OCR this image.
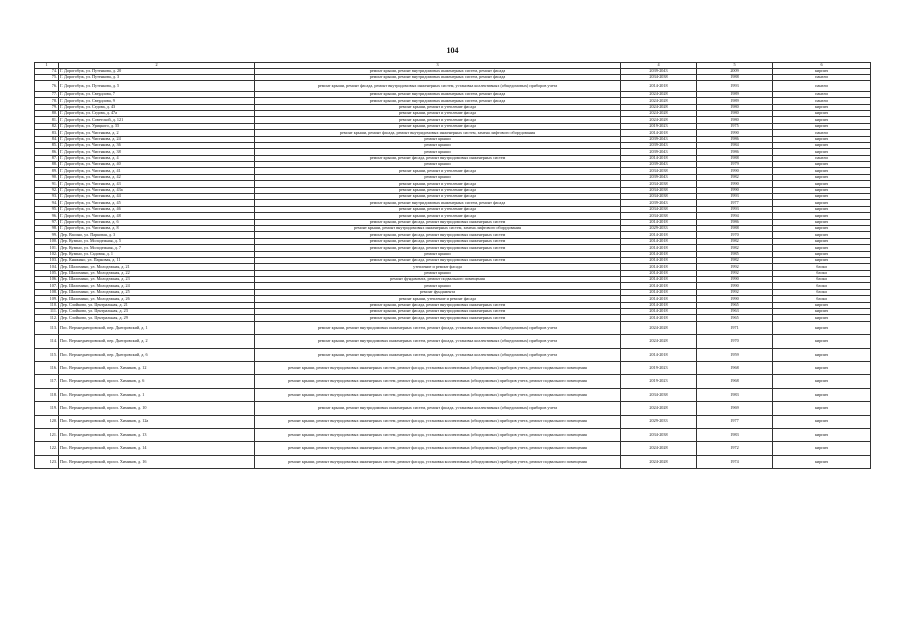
104
1	2	3	4	5	6
74.	Г. Дорогобуж, ул. Путенкова, д. 20	ремонт крыши, ремонт внутридомовых инженерных систем, ремонт фасада	2039-2043	2009	кирпич
75.	Г. Дорогобуж, ул. Путенкова, д. 3	ремонт крыши, ремонт внутридомовых инженерных систем, ремонт фасада	2034-2038	1988	панели
76.	Г. Дорогобуж, ул. Путенкова, д. 5	ремонт крыши, ремонт фасада, ремонт внутридомовых инженерных систем, установка коллективных (общедомовых) приборов учета	2014-2018	1993	панели
77.	Г. Дорогобуж, ул. Свердлова, 7	ремонт крыши, ремонт внутридомовых инженерных систем, ремонт фасада	2024-2028	1989	панели
78.	Г. Дорогобуж, ул. Свердлова, 9	ремонт крыши, ремонт внутридомовых инженерных систем, ремонт фасада	2024-2028	1989	панели
79.	Г. Дорогобуж, ул. Седова, д. 43	ремонт крыши, ремонт и утепление фасада	2024-2028	1980	кирпич
80.	Г. Дорогобуж, ул. Седова, д. 47а	ремонт крыши, ремонт и утепление фасада	2024-2028	1980	кирпич
81.	Г. Дорогобуж, ул. Советской, д. 121	ремонт крыши, ремонт и утепление фасада	2024-2028	1980	кирпич
82.	Г. Дорогобуж, ул. Урицкого, д. 55	ремонт крыши, ремонт и утепление фасада	2019-2023	1975	кирпич
83.	Г. Дорогобуж, ул. Чистякова, д. 2	ремонт крыши, ремонт фасада, ремонт внутридомовых инженерных систем, замена лифтового оборудования	2014-2018	1990	панели
84.	Г. Дорогобуж, ул. Чистякова, д. 24	ремонт крыши	2039-2043	1986	кирпич
85.	Г. Дорогобуж, ул. Чистякова, д. 36	ремонт крыши	2039-2043	1984	кирпич
86.	Г. Дорогобуж, ул. Чистякова, д. 38	ремонт крыши	2039-2043	1986	кирпич
87.	Г. Дорогобуж, ул. Чистякова, д. 4	ремонт крыши, ремонт фасада, ремонт внутридомовых инженерных систем	2014-2018	1988	панели
88.	Г. Дорогобуж, ул. Чистякова, д. 40	ремонт крыши	2039-2043	1979	кирпич
89.	Г. Дорогобуж, ул. Чистякова, д. 41	ремонт крыши, ремонт и утепление фасада	2034-2038	1990	кирпич
90.	Г. Дорогобуж, ул. Чистякова, д. 42	ремонт крыши	2039-2043	1982	кирпич
91.	Г. Дорогобуж, ул. Чистякова, д. 43	ремонт крыши, ремонт и утепление фасада	2034-2038	1990	кирпич
92.	Г. Дорогобуж, ул. Чистякова, д. 43а	ремонт крыши, ремонт и утепление фасада	2034-2038	1990	кирпич
93.	Г. Дорогобуж, ул. Чистякова, д. 44	ремонт крыши, ремонт и утепление фасада	2034-2038	1993	кирпич
94.	Г. Дорогобуж, ул. Чистякова, д. 45	ремонт крыши, ремонт внутридомовых инженерных систем, ремонт фасада	2039-2043	1977	кирпич
95.	Г. Дорогобуж, ул. Чистякова, д. 46	ремонт крыши, ремонт и утепление фасада	2034-2038	1993	кирпич
96.	Г. Дорогобуж, ул. Чистякова, д. 48	ремонт крыши, ремонт и утепление фасада	2034-2038	1994	кирпич
97.	Г. Дорогобуж, ул. Чистякова, д. 6	ремонт крыши, ремонт фасада, ремонт внутридомовых инженерных систем	2014-2018	1986	кирпич
98.	Г. Дорогобуж, ул. Чистякова, д. 8	ремонт крыши, ремонт внутридомовых инженерных систем, замена лифтового оборудования	2029-2033	1988	кирпич
99.	Дер. Васино, ул. Парковая, д. 3	ремонт крыши, ремонт фасада, ремонт внутридомовых инженерных систем	2014-2018	1970	кирпич
100.	Дер. Кузино, ул. Молодежная, д. 5	ремонт крыши, ремонт фасада, ремонт внутридомовых инженерных систем	2014-2018	1982	кирпич
101.	Дер. Кузино, ул. Молодежная, д. 7	ремонт крыши, ремонт фасада, ремонт внутридомовых инженерных систем	2014-2018	1982	кирпич
102.	Дер. Кузино, ул. Садовая, д. 1	ремонт крыши	2014-2018	1985	кирпич
103.	Дер. Княжино, ул. Парковая, д. 11	ремонт крыши, ремонт фасада, ремонт внутридомовых инженерных систем	2014-2018	1982	кирпич
104.	Дер. Шаломино, ул. Молодежная, д. 21	утепление и ремонт фасада	2014-2018	1992	блоки
105.	Дер. Шаломино, ул. Молодежная, д. 22	ремонт крыши	2014-2018	1992	блоки
106.	Дер. Шаломино, ул. Молодежная, д. 23	ремонт фундамента, ремонт подвального помещения	2014-2018	1990	блоки
107.	Дер. Шаломино, ул. Молодежная, д. 24	ремонт крыши	2014-2018	1990	блоки
108.	Дер. Шаломино, ул. Молодежная, д. 25	ремонт фундамента	2014-2018	1992	блоки
109.	Дер. Шаломино, ул. Молодежная, д. 26	ремонт крыши, утепление и ремонт фасада	2014-2018	1990	блоки
110.	Дер. Слойково, ул. Центральная, д. 21	ремонт крыши, ремонт фасада, ремонт внутридомовых инженерных систем	2014-2018	1965	кирпич
111.	Дер. Слойково, ул. Центральная, д. 23	ремонт крыши, ремонт фасада, ремонт внутридомовых инженерных систем	2014-2018	1963	кирпич
112.	Дер. Слойково, ул. Центральная, д. 29	ремонт крыши, ремонт фасада, ремонт внутридомовых инженерных систем	2014-2018	1965	кирпич
113.	Пос. Верхнеднепровский, пер. Днепровский, д. 1	ремонт крыши, ремонт внутридомовых инженерных систем, ремонт фасада, установка коллективных (общедомовых) приборов учета	2024-2028	1971	кирпич
114.	Пос. Верхнеднепровский, пер. Днепровский, д. 2	ремонт крыши, ремонт внутридомовых инженерных систем, ремонт фасада, установка коллективных (общедомовых) приборов учета	2024-2028	1970	кирпич
115.	Пос. Верхнеднепровский, пер. Днепровский, д. 6	ремонт крыши, ремонт внутридомовых инженерных систем, ремонт фасада, установка коллективных (общедомовых) приборов учета	2014-2018	1959	кирпич
116.	Пос. Верхнеднепровский, просп. Химиков, д. 12	ремонт крыши, ремонт внутридомовых инженерных систем, ремонт фасада, установка коллективных (общедомовых) приборов учета, ремонт подвального помещения	2019-2023	1968	кирпич
117.	Пос. Верхнеднепровский, просп. Химиков, д. 6	ремонт крыши, ремонт внутридомовых инженерных систем, ремонт фасада, установка коллективных (общедомовых) приборов учета, ремонт подвального помещения	2019-2023	1968	кирпич
118.	Пос. Верхнеднепровский, просп. Химиков, д. 1	ремонт крыши, ремонт внутридомовых инженерных систем, ремонт фасада, установка коллективных (общедомовых) приборов учета, ремонт подвального помещения	2034-2038	1983	кирпич
119.	Пос. Верхнеднепровский, просп. Химиков, д. 10	ремонт крыши, ремонт внутридомовых инженерных систем, ремонт фасада, установка коллективных (общедомовых) приборов учета	2024-2028	1969	кирпич
120.	Пос. Верхнеднепровский, просп. Химиков, д. 12а	ремонт крыши, ремонт внутридомовых инженерных систем, ремонт фасада, установка коллективных (общедомовых) приборов учета, ремонт подвального помещения	2029-2033	1977	кирпич
121.	Пос. Верхнеднепровский, просп. Химиков, д. 13	ремонт крыши, ремонт внутридомовых инженерных систем, ремонт фасада, установка коллективных (общедомовых) приборов учета, ремонт подвального помещения	2034-2038	1983	кирпич
122.	Пос. Верхнеднепровский, просп. Химиков, д. 14	ремонт крыши, ремонт внутридомовых инженерных систем, ремонт фасада, установка коллективных (общедомовых) приборов учета, ремонт подвального помещения	2024-2028	1972	кирпич
123.	Пос. Верхнеднепровский, просп. Химиков, д. 16	ремонт крыши, ремонт внутридомовых инженерных систем, ремонт фасада, установка коллективных (общедомовых) приборов учета, ремонт подвального помещения	2024-2028	1974	кирпич
